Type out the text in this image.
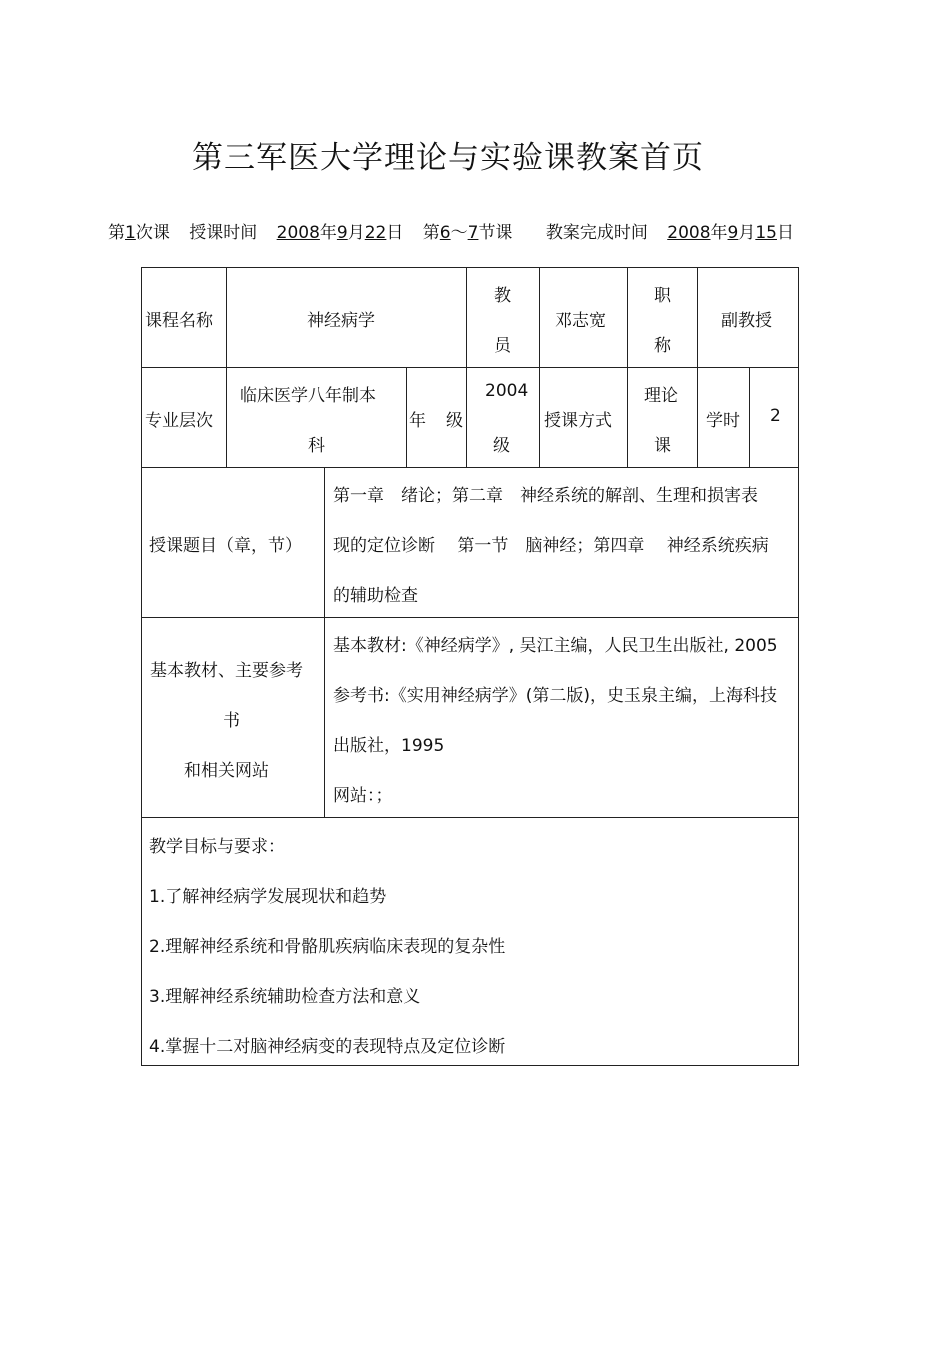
第三军医大学理论与实验课教案首页
第1次课 授课时间 2008年9月22日 第6～7节课 教案完成时间 2008年9月15日
课程名称	神经病学
教
员
邓志宽
职
称
副教授
专业层次
临床医学八年制本
科
年 级
2004
级
授课方式
理论
课
学时 2
授课题目（章，节）
第一章　绪论；第二章　神经系统的解剖、生理和损害表
现的定位诊断　 第一节　脑神经；第四章　 神经系统疾病
的辅助检查
基本教材、主要参考
书
和相关网站
基本教材:《神经病学》, 吴江主编，人民卫生出版社, 2005
参考书:《实用神经病学》(第二版)，史玉泉主编，上海科技
出版社，1995
网站：；
教学目标与要求：
1.了解神经病学发展现状和趋势
2.理解神经系统和骨骼肌疾病临床表现的复杂性
3.理解神经系统辅助检查方法和意义
4.掌握十二对脑神经病变的表现特点及定位诊断
